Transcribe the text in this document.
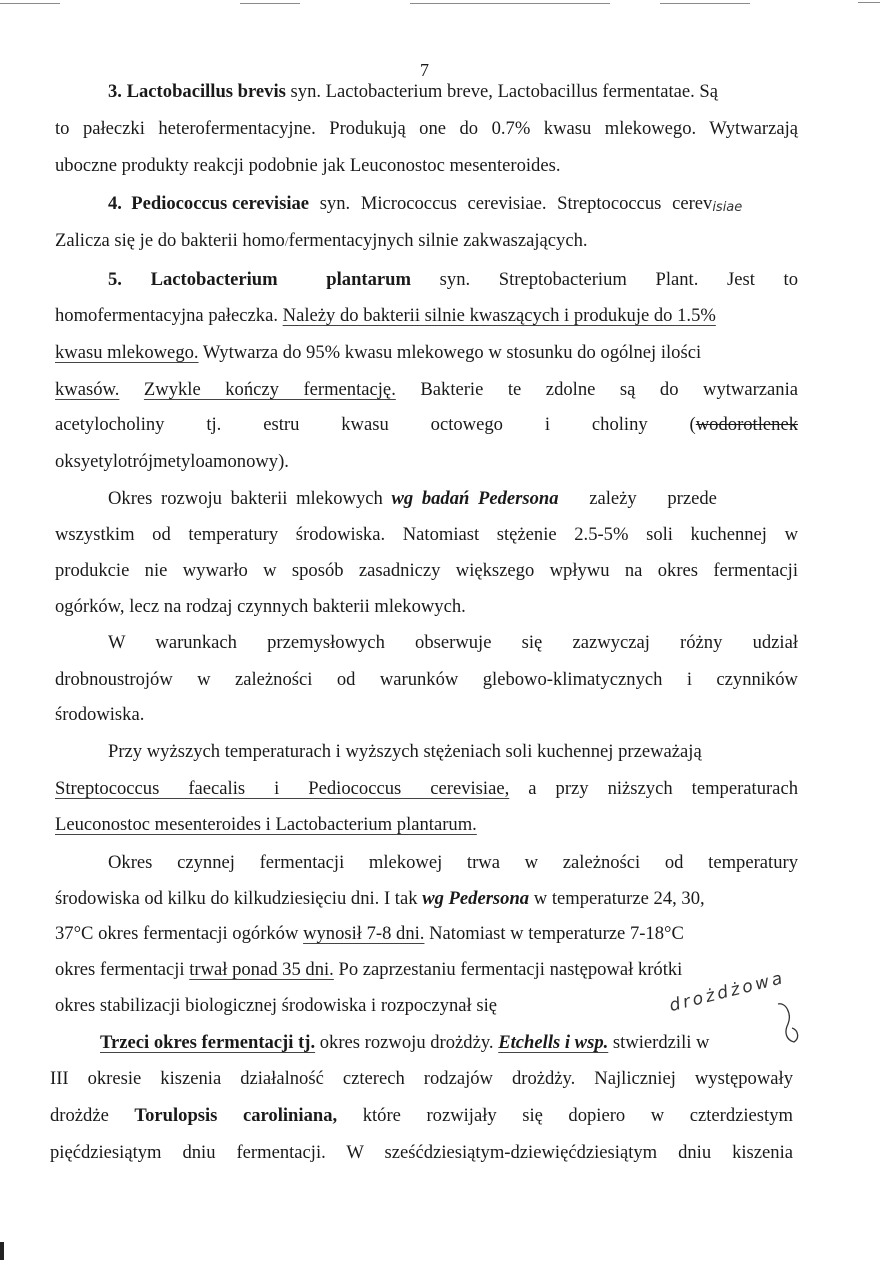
7
3. Lactobacillus brevis syn. Lactobacterium breve, Lactobacillus fermentatae. Są
to pałeczki heterofermentacyjne. Produkują one do 0.7% kwasu mlekowego. Wytwarzają
uboczne produkty reakcji podobnie jak Leuconostoc mesenteroides.
4. Pediococcus cerevisiae syn. Micrococcus cerevisiae. Streptococcus cerevisiae
Zalicza się je do bakterii homo/fermentacyjnych silnie zakwaszających.
5. Lactobacterium plantarum syn. Streptobacterium Plant. Jest to
homofermentacyjna pałeczka. Należy do bakterii silnie kwaszących i produkuje do 1.5%
kwasu mlekowego. Wytwarza do 95% kwasu mlekowego w stosunku do ogólnej ilości
kwasów. Zwykle kończy fermentację. Bakterie te zdolne są do wytwarzania
acetylocholiny tj. estru kwasu octowego i choliny (wodorotlenek
oksyetylotrójmetyloamonowy).
Okres rozwoju bakterii mlekowych wg badań Pedersona zależy przede
wszystkim od temperatury środowiska. Natomiast stężenie 2.5-5% soli kuchennej w
produkcie nie wywarło w sposób zasadniczy większego wpływu na okres fermentacji
ogórków, lecz na rodzaj czynnych bakterii mlekowych.
W warunkach przemysłowych obserwuje się zazwyczaj różny udział
drobnoustrojów w zależności od warunków glebowo-klimatycznych i czynników
środowiska.
Przy wyższych temperaturach i wyższych stężeniach soli kuchennej przeważają
Streptococcus faecalis i Pediococcus cerevisiae, a przy niższych temperaturach
Leuconostoc mesenteroides i Lactobacterium plantarum.
Okres czynnej fermentacji mlekowej trwa w zależności od temperatury
środowiska od kilku do kilkudziesięciu dni. I tak wg Pedersona w temperaturze 24, 30,
37°C okres fermentacji ogórków wynosił 7-8 dni. Natomiast w temperaturze 7-18°C
okres fermentacji trwał ponad 35 dni. Po zaprzestaniu fermentacji następował krótki
okres stabilizacji biologicznej środowiska i rozpoczynał się	drożdżowa
Trzeci okres fermentacji tj. okres rozwoju drożdży. Etchells i wsp. stwierdzili w
III okresie kiszenia działalność czterech rodzajów drożdży. Najliczniej występowały
drożdże Torulopsis caroliniana, które rozwijały się dopiero w czterdziestym
pięćdziesiątym dniu fermentacji. W sześćdziesiątym-dziewięćdziesiątym dniu kiszenia
